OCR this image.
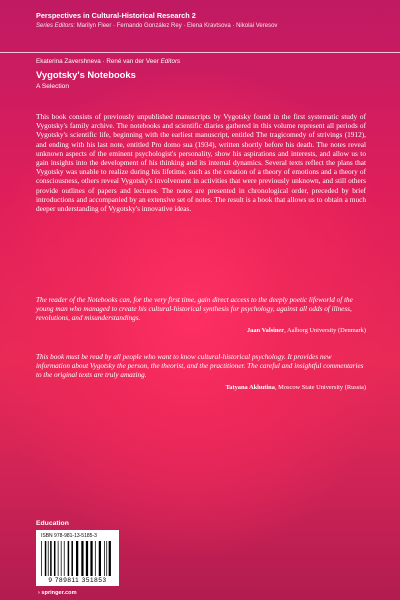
Perspectives in Cultural-Historical Research 2
Series Editors: Marilyn Fleer · Fernando González Rey · Elena Kravtsova · Nikolai Veresov
Ekaterina Zavershneva · René van der Veer Editors
Vygotsky's Notebooks
A Selection

This book consists of previously unpublished manuscripts by Vygotsky found in the first systematic study of Vygotsky's family archive. The notebooks and scientific diaries gathered in this volume represent all periods of Vygotsky's scientific life, beginning with the earliest manuscript, entitled The tragicomedy of strivings (1912), and ending with his last note, entitled Pro domo sua (1934), written shortly before his death. The notes reveal unknown aspects of the eminent psychologist's personality, show his aspirations and interests, and allow us to gain insights into the development of his thinking and its internal dynamics. Several texts reflect the plans that Vygotsky was unable to realize during his lifetime, such as the creation of a theory of emotions and a theory of consciousness, others reveal Vygotsky's involvement in activities that were previously unknown, and still others provide outlines of papers and lectures. The notes are presented in chronological order, preceded by brief introductions and accompanied by an extensive set of notes. The result is a book that allows us to obtain a much deeper understanding of Vygotsky's innovative ideas.

The reader of the Notebooks can, for the very first time, gain direct access to the deeply poetic lifeworld of the young man who managed to create his cultural-historical synthesis for psychology, against all odds of illness, revolutions, and misunderstandings.

Jaan Valsiner, Aalborg University (Denmark)

This book must be read by all people who want to know cultural-historical psychology. It provides new information about Vygotsky the person, the theorist, and the practitioner. The careful and insightful commentaries to the original texts are truly amazing.

Tatyana Akhutina, Moscow State University (Russia)

Education
ISBN 978-981-13-5185-3
9 789811 351853
› springer.com
